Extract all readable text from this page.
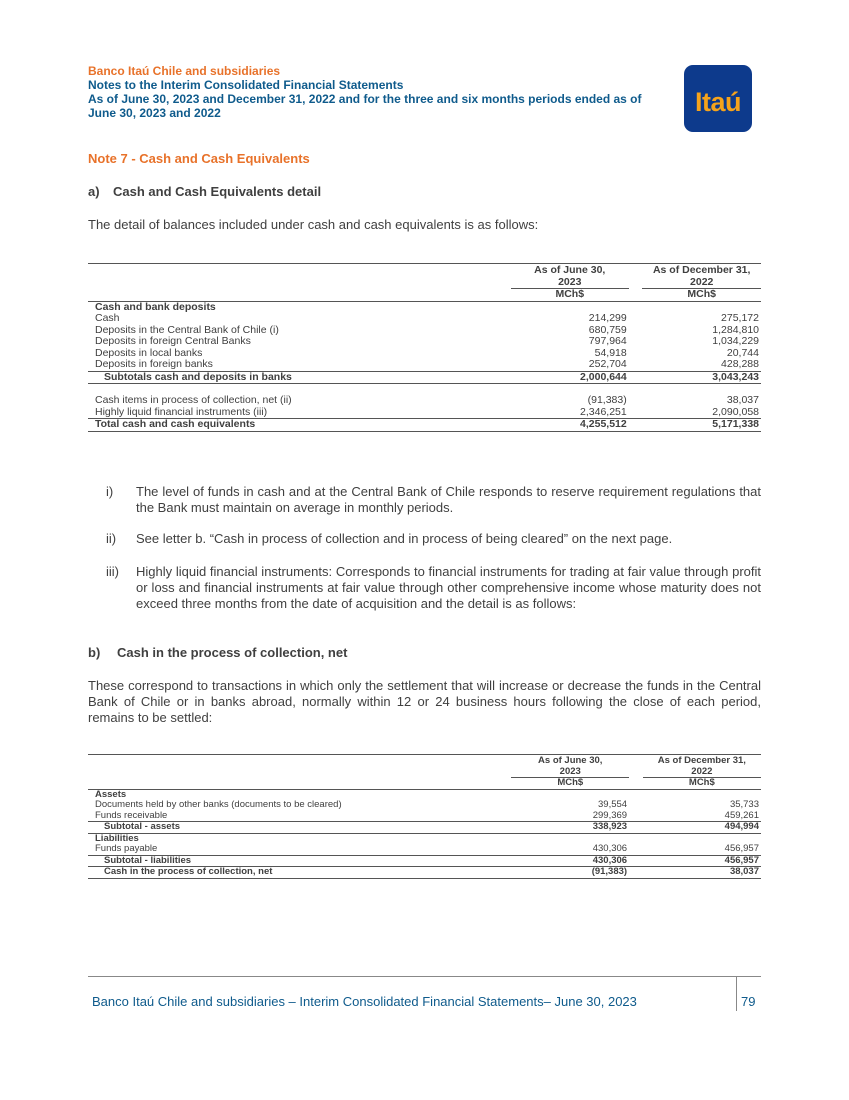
Banco Itaú Chile and subsidiaries
Notes to the Interim Consolidated Financial Statements
As of June 30, 2023 and December 31, 2022 and for the three and six months periods ended as of
June 30, 2023 and 2022	Itaú
Note 7 - Cash and Cash Equivalents
a) Cash and Cash Equivalents detail
The detail of balances included under cash and cash equivalents is as follows:
	As of June 30,		As of December 31,
	2023		2022
	MCh$		MCh$
Cash and bank deposits			
Cash	214,299		275,172
Deposits in the Central Bank of Chile (i)	680,759		1,284,810
Deposits in foreign Central Banks	797,964		1,034,229
Deposits in local banks	54,918		20,744
Deposits in foreign banks	252,704		428,288
Subtotals cash and deposits in banks	2,000,644		3,043,243

Cash items in process of collection, net (ii)	(91,383)		38,037
Highly liquid financial instruments (iii)	2,346,251		2,090,058
Total cash and cash equivalents	4,255,512		5,171,338
i) The level of funds in cash and at the Central Bank of Chile responds to reserve requirement regulations that the Bank must maintain on average in monthly periods.
ii) See letter b. “Cash in process of collection and in process of being cleared” on the next page.
iii) Highly liquid financial instruments: Corresponds to financial instruments for trading at fair value through profit or loss and financial instruments at fair value through other comprehensive income whose maturity does not exceed three months from the date of acquisition and the detail is as follows:
b) Cash in the process of collection, net
These correspond to transactions in which only the settlement that will increase or decrease the funds in the Central Bank of Chile or in banks abroad, normally within 12 or 24 business hours following the close of each period, remains to be settled:
	As of June 30,		As of December 31,
	2023		2022
	MCh$		MCh$
Assets			
Documents held by other banks (documents to be cleared)	39,554		35,733
Funds receivable	299,369		459,261
Subtotal - assets	338,923		494,994
Liabilities			
Funds payable	430,306		456,957
Subtotal - liabilities	430,306		456,957
Cash in the process of collection, net	(91,383)		38,037
Banco Itaú Chile and subsidiaries – Interim Consolidated Financial Statements– June 30, 2023	79
